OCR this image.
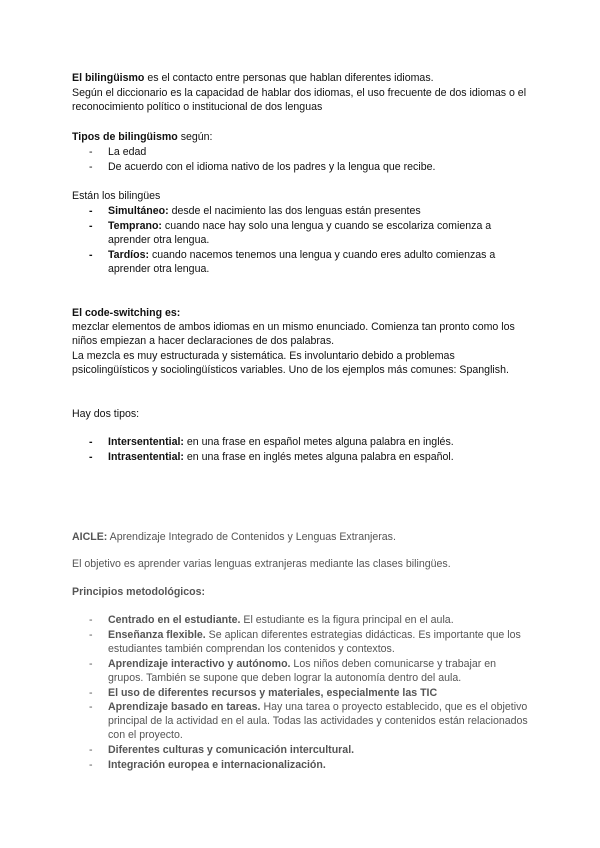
El bilingüismo es el contacto entre personas que hablan diferentes idiomas.

Según el diccionario es la capacidad de hablar dos idiomas, el uso frecuente de dos idiomas o el reconocimiento político o institucional de dos lenguas

Tipos de bilingüismo según:

- La edad
- De acuerdo con el idioma nativo de los padres y la lengua que recibe.

Están los bilingües

- Simultáneo: desde el nacimiento las dos lenguas están presentes
- Temprano: cuando nace hay solo una lengua y cuando se escolariza comienza a aprender otra lengua.
- Tardíos: cuando nacemos tenemos una lengua y cuando eres adulto comienzas a aprender otra lengua.

El code-switching es:

mezclar elementos de ambos idiomas en un mismo enunciado. Comienza tan pronto como los niños empiezan a hacer declaraciones de dos palabras.

La mezcla es muy estructurada y sistemática. Es involuntario debido a problemas psicolingüísticos y sociolingüísticos variables. Uno de los ejemplos más comunes: Spanglish.

Hay dos tipos:

- Intersentential: en una frase en español metes alguna palabra en inglés.
- Intrasentential: en una frase en inglés metes alguna palabra en español.

AICLE: Aprendizaje Integrado de Contenidos y Lenguas Extranjeras.

El objetivo es aprender varias lenguas extranjeras mediante las clases bilingües.

Principios metodológicos:

- Centrado en el estudiante. El estudiante es la figura principal en el aula.
- Enseñanza flexible. Se aplican diferentes estrategias didácticas. Es importante que los estudiantes también comprendan los contenidos y contextos.
- Aprendizaje interactivo y autónomo. Los niños deben comunicarse y trabajar en grupos. También se supone que deben lograr la autonomía dentro del aula.
- El uso de diferentes recursos y materiales, especialmente las TIC
- Aprendizaje basado en tareas. Hay una tarea o proyecto establecido, que es el objetivo principal de la actividad en el aula. Todas las actividades y contenidos están relacionados con el proyecto.
- Diferentes culturas y comunicación intercultural.
- Integración europea e internacionalización.
